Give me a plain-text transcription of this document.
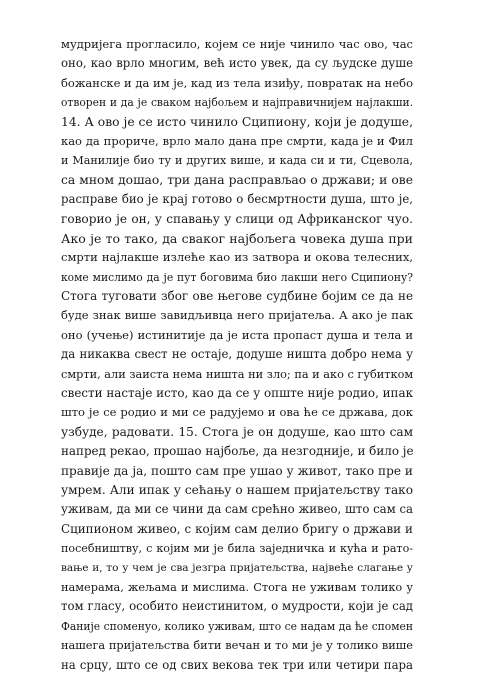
мудријега прогласило, којем се није чинило час ово, час
оно, као врло многим, већ исто увек, да су људске душе
божанске и да им је, кад из тела изиђу, повратак на небо
отворен и да је сваком најбољем и најправичнијем најлакши.
14. А ово је се исто чинило Сципиону, који је додуше,
као да прориче, врло мало дана пре смрти, када је и Фил
и Манилије био ту и других више, и када си и ти, Сцевола,
са мном дошао, три дана расправљао о држави; и ове
расправе био је крај готово о бесмртности душа, што је,
говорио је он, у спавању у слици од Африканског чуо.
Ако је то тако, да сваког најбољега човека душа при
смрти најлакше излеће као из затвора и окова телесних,
коме мислимо да је пут боговима био лакши него Сципиону?
Стога туговати због ове његове судбине бојим се да не
буде знак више завидљивца него пријатеља. А ако је пак
оно (учење) истинитије да је иста пропаст душа и тела и
да никаква свест не остаје, додуше ништа добро нема у
смрти, али заиста нема ништа ни зло; па и ако с губитком
свести настаје исто, као да се у опште није родио, ипак
што је се родио и ми се радујемо и ова ће се држава, док
узбуде, радовати. 15. Стога је он додуше, као што сам
напред рекао, прошао најбоље, да незгодније, и било је
правије да ја, пошто сам пре ушао у живот, тако пре и
умрем. Али ипак у сећању о нашем пријатељству тако
уживам, да ми се чини да сам срећно живео, што сам са
Сципионом живео, с којим сам делио бригу о држави и
посебништву, с којим ми је била заједничка и кућа и рато-
вање и, то у чем је сва језгра пријатељства, највеће слагање у
намерама, жељама и мислима. Стога не уживам толико у
том гласу, особито неистинитом, о мудрости, који је сад
Фаније споменуо, колико уживам, што се надам да ће спомен
нашега пријатељства бити вечан и то ми је у толико више
на срцу, што се од свих векова тек три или четири пара
